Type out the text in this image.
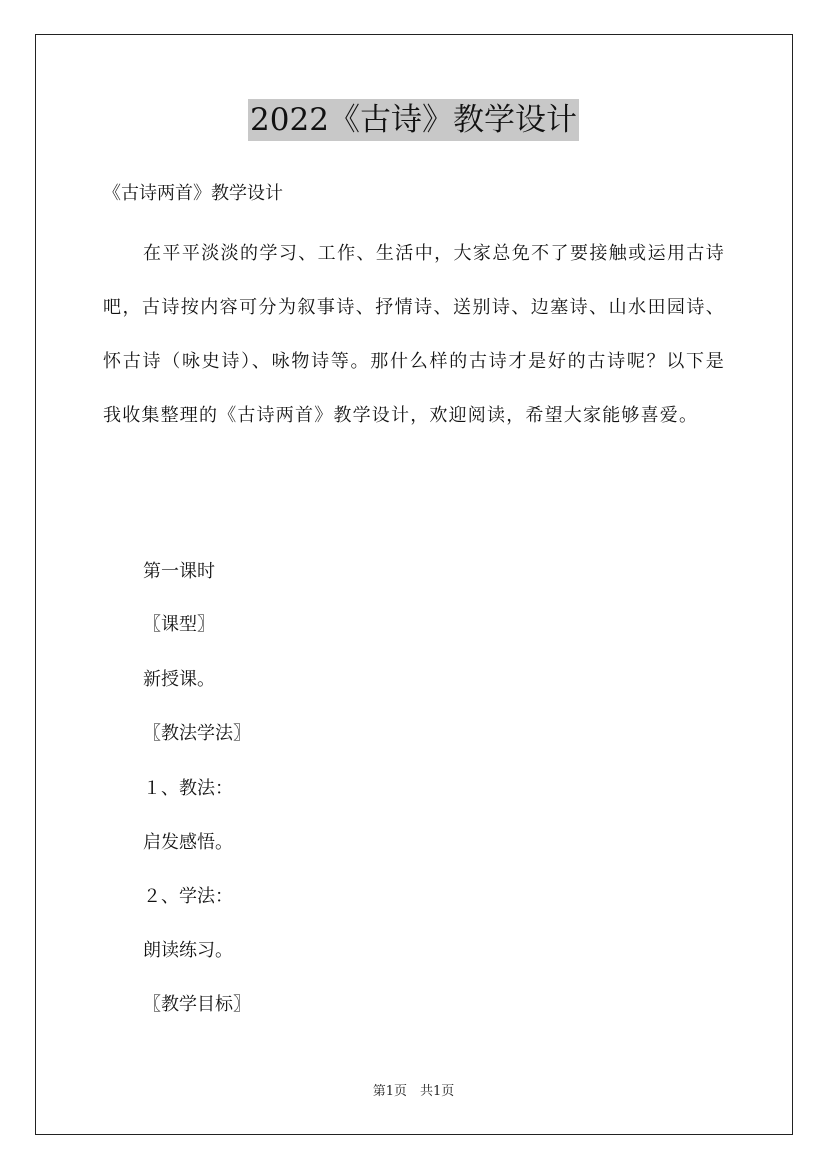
2022《古诗》教学设计
《古诗两首》教学设计
在平平淡淡的学习、工作、生活中，大家总免不了要接触或运用古诗吧，古诗按内容可分为叙事诗、抒情诗、送别诗、边塞诗、山水田园诗、怀古诗（咏史诗）、咏物诗等。那什么样的古诗才是好的古诗呢？以下是我收集整理的《古诗两首》教学设计，欢迎阅读，希望大家能够喜爱。
第一课时
〖课型〗
新授课。
〖教法学法〗
１、教法：
启发感悟。
２、学法：
朗读练习。
〖教学目标〗
第1页　共1页
